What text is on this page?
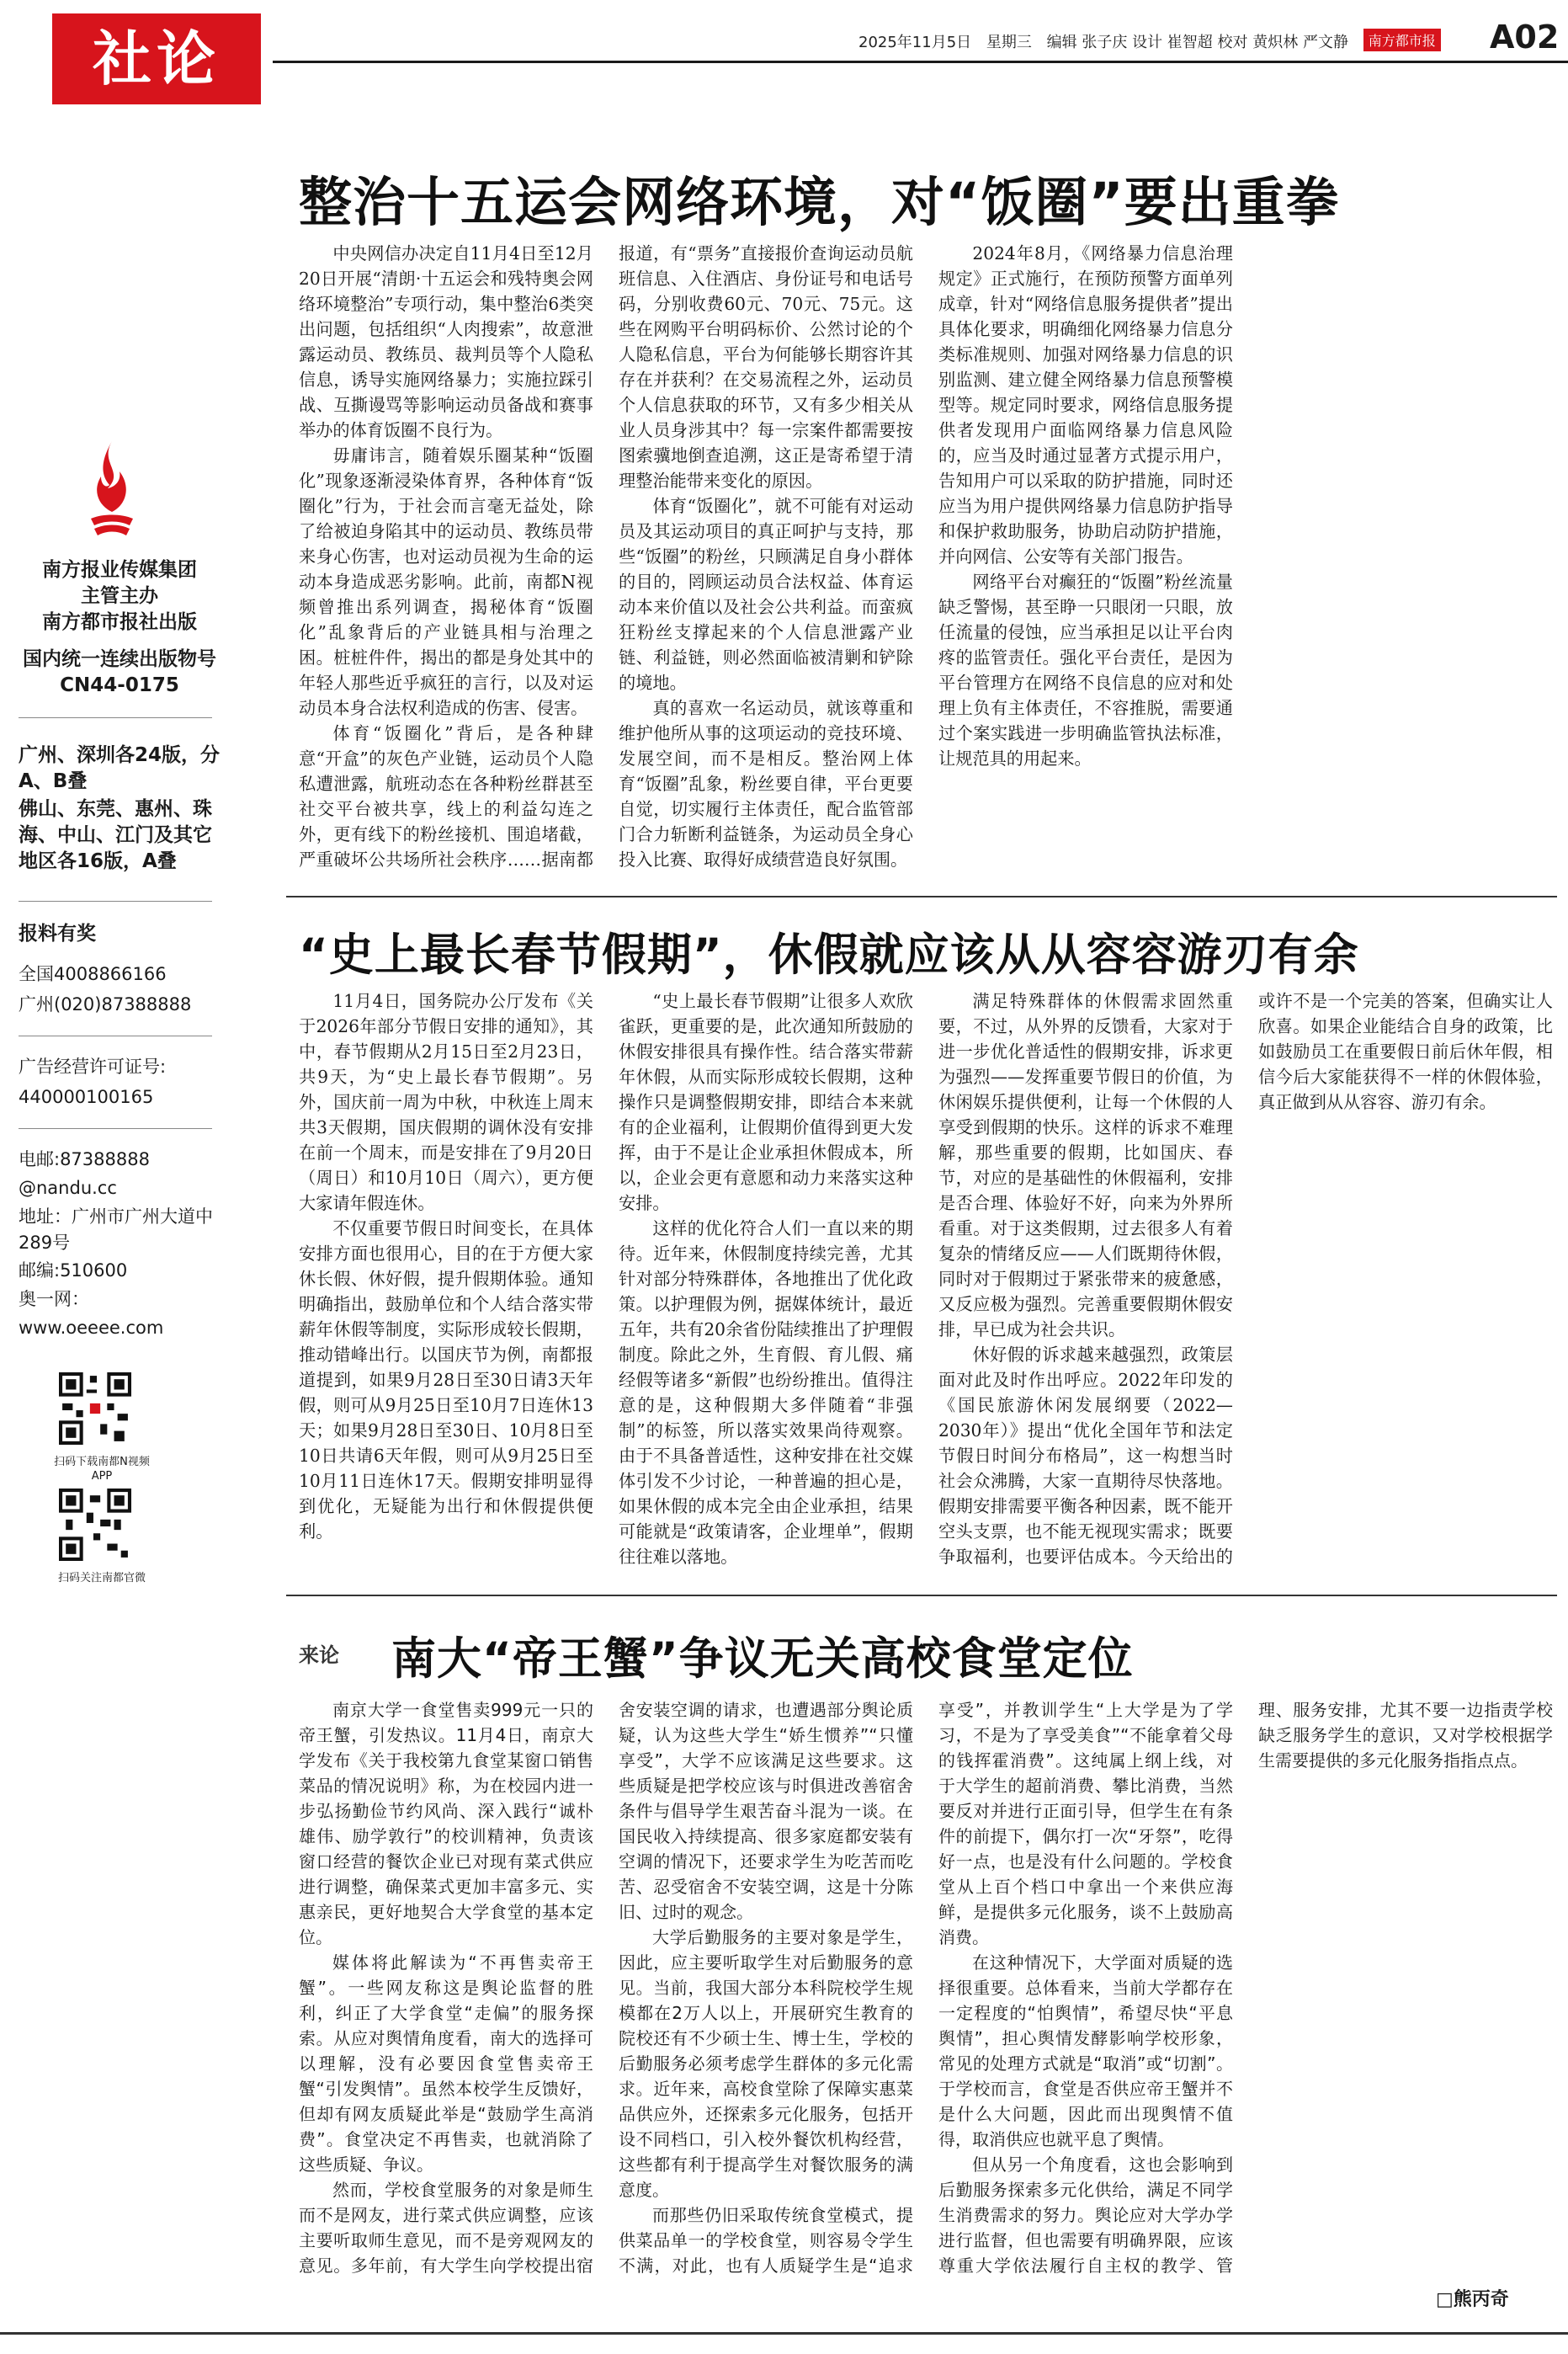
社论	2025年11月5日 星期三 编辑 张子庆 设计 崔智超 校对 黄炽林 严文静 南方都市报	A02
南方报业传媒集团
主管主办
南方都市报社出版
国内统一连续出版物号
CN44-0175
广州、深圳各24版，分A、B叠
佛山、东莞、惠州、珠海、中山、江门及其它地区各16版，A叠
报料有奖
全国4008866166
广州(020)87388888
广告经营许可证号:
440000100165
电邮:87388888
@nandu.cc
地址：广州市广州大道中289号
邮编:510600
奥一网：
www.oeeee.com
扫码下载南都N视频APP
扫码关注南都官微
整治十五运会网络环境，对“饭圈”要出重拳

中央网信办决定自11月4日至12月20日开展“清朗·十五运会和残特奥会网络环境整治”专项行动，集中整治6类突出问题，包括组织“人肉搜索”，故意泄露运动员、教练员、裁判员等个人隐私信息，诱导实施网络暴力；实施拉踩引战、互撕谩骂等影响运动员备战和赛事举办的体育饭圈不良行为。

毋庸讳言，随着娱乐圈某种“饭圈化”现象逐渐浸染体育界，各种体育“饭圈化”行为，于社会而言毫无益处，除了给被迫身陷其中的运动员、教练员带来身心伤害，也对运动员视为生命的运动本身造成恶劣影响。此前，南都N视频曾推出系列调查，揭秘体育“饭圈化”乱象背后的产业链具相与治理之困。桩桩件件，揭出的都是身处其中的年轻人那些近乎疯狂的言行，以及对运动员本身合法权利造成的伤害、侵害。

体育“饭圈化”背后，是各种肆意“开盒”的灰色产业链，运动员个人隐私遭泄露，航班动态在各种粉丝群甚至社交平台被共享，线上的利益勾连之外，更有线下的粉丝接机、围追堵截，严重破坏公共场所社会秩序……据南都报道，有“票务”直接报价查询运动员航班信息、入住酒店、身份证号和电话号码，分别收费60元、70元、75元。这些在网购平台明码标价、公然讨论的个人隐私信息，平台为何能够长期容许其存在并获利？在交易流程之外，运动员个人信息获取的环节，又有多少相关从业人员身涉其中？每一宗案件都需要按图索骥地倒查追溯，这正是寄希望于清理整治能带来变化的原因。

体育“饭圈化”，就不可能有对运动员及其运动项目的真正呵护与支持，那些“饭圈”的粉丝，只顾满足自身小群体的目的，罔顾运动员合法权益、体育运动本来价值以及社会公共利益。而蛮疯狂粉丝支撑起来的个人信息泄露产业链、利益链，则必然面临被清剿和铲除的境地。

真的喜欢一名运动员，就该尊重和维护他所从事的这项运动的竞技环境、发展空间，而不是相反。整治网上体育“饭圈”乱象，粉丝要自律，平台更要自觉，切实履行主体责任，配合监管部门合力斩断利益链条，为运动员全身心投入比赛、取得好成绩营造良好氛围。

2024年8月，《网络暴力信息治理规定》正式施行，在预防预警方面单列成章，针对“网络信息服务提供者”提出具体化要求，明确细化网络暴力信息分类标准规则、加强对网络暴力信息的识别监测、建立健全网络暴力信息预警模型等。规定同时要求，网络信息服务提供者发现用户面临网络暴力信息风险的，应当及时通过显著方式提示用户，告知用户可以采取的防护措施，同时还应当为用户提供网络暴力信息防护指导和保护救助服务，协助启动防护措施，并向网信、公安等有关部门报告。

网络平台对癫狂的“饭圈”粉丝流量缺乏警惕，甚至睁一只眼闭一只眼，放任流量的侵蚀，应当承担足以让平台肉疼的监管责任。强化平台责任，是因为平台管理方在网络不良信息的应对和处理上负有主体责任，不容推脱，需要通过个案实践进一步明确监管执法标准，让规范具的用起来。

“史上最长春节假期”，休假就应该从从容容游刃有余

11月4日，国务院办公厅发布《关于2026年部分节假日安排的通知》，其中，春节假期从2月15日至2月23日，共9天，为“史上最长春节假期”。另外，国庆前一周为中秋，中秋连上周末共3天假期，国庆假期的调休没有安排在前一个周末，而是安排在了9月20日（周日）和10月10日（周六），更方便大家请年假连休。

不仅重要节假日时间变长，在具体安排方面也很用心，目的在于方便大家休长假、休好假，提升假期体验。通知明确指出，鼓励单位和个人结合落实带薪年休假等制度，实际形成较长假期，推动错峰出行。以国庆节为例，南都报道提到，如果9月28日至30日请3天年假，则可从9月25日至10月7日连休13天；如果9月28日至30日、10月8日至10日共请6天年假，则可从9月25日至10月11日连休17天。假期安排明显得到优化，无疑能为出行和休假提供便利。

“史上最长春节假期”让很多人欢欣雀跃，更重要的是，此次通知所鼓励的休假安排很具有操作性。结合落实带薪年休假，从而实际形成较长假期，这种操作只是调整假期安排，即结合本来就有的企业福利，让假期价值得到更大发挥，由于不是让企业承担休假成本，所以，企业会更有意愿和动力来落实这种安排。

这样的优化符合人们一直以来的期待。近年来，休假制度持续完善，尤其针对部分特殊群体，各地推出了优化政策。以护理假为例，据媒体统计，最近五年，共有20余省份陆续推出了护理假制度。除此之外，生育假、育儿假、痛经假等诸多“新假”也纷纷推出。值得注意的是，这种假期大多伴随着“非强制”的标签，所以落实效果尚待观察。由于不具备普适性，这种安排在社交媒体引发不少讨论，一种普遍的担心是，如果休假的成本完全由企业承担，结果可能就是“政策请客，企业埋单”，假期往往难以落地。

满足特殊群体的休假需求固然重要，不过，从外界的反馈看，大家对于进一步优化普适性的假期安排，诉求更为强烈——发挥重要节假日的价值，为休闲娱乐提供便利，让每一个休假的人享受到假期的快乐。这样的诉求不难理解，那些重要的假期，比如国庆、春节，对应的是基础性的休假福利，安排是否合理、体验好不好，向来为外界所看重。对于这类假期，过去很多人有着复杂的情绪反应——人们既期待休假，同时对于假期过于紧张带来的疲惫感，又反应极为强烈。完善重要假期休假安排，早已成为社会共识。

休好假的诉求越来越强烈，政策层面对此及时作出呼应。2022年印发的《国民旅游休闲发展纲要（2022—2030年）》提出“优化全国年节和法定节假日时间分布格局”，这一构想当时社会众沸腾，大家一直期待尽快落地。假期安排需要平衡各种因素，既不能开空头支票，也不能无视现实需求；既要争取福利，也要评估成本。今天给出的或许不是一个完美的答案，但确实让人欣喜。如果企业能结合自身的政策，比如鼓励员工在重要假日前后休年假，相信今后大家能获得不一样的休假体验，真正做到从从容容、游刃有余。

来论 南大“帝王蟹”争议无关高校食堂定位

南京大学一食堂售卖999元一只的帝王蟹，引发热议。11月4日，南京大学发布《关于我校第九食堂某窗口销售菜品的情况说明》称，为在校园内进一步弘扬勤俭节约风尚、深入践行“诚朴雄伟、励学敦行”的校训精神，负责该窗口经营的餐饮企业已对现有菜式供应进行调整，确保菜式更加丰富多元、实惠亲民，更好地契合大学食堂的基本定位。

媒体将此解读为“不再售卖帝王蟹”。一些网友称这是舆论监督的胜利，纠正了大学食堂“走偏”的服务探索。从应对舆情角度看，南大的选择可以理解，没有必要因食堂售卖帝王蟹“引发舆情”。虽然本校学生反馈好，但却有网友质疑此举是“鼓励学生高消费”。食堂决定不再售卖，也就消除了这些质疑、争议。

然而，学校食堂服务的对象是师生而不是网友，进行菜式供应调整，应该主要听取师生意见，而不是旁观网友的意见。多年前，有大学生向学校提出宿舍安装空调的请求，也遭遇部分舆论质疑，认为这些大学生“娇生惯养”“只懂享受”，大学不应该满足这些要求。这些质疑是把学校应该与时俱进改善宿舍条件与倡导学生艰苦奋斗混为一谈。在国民收入持续提高、很多家庭都安装有空调的情况下，还要求学生为吃苦而吃苦、忍受宿舍不安装空调，这是十分陈旧、过时的观念。

大学后勤服务的主要对象是学生，因此，应主要听取学生对后勤服务的意见。当前，我国大部分本科院校学生规模都在2万人以上，开展研究生教育的院校还有不少硕士生、博士生，学校的后勤服务必须考虑学生群体的多元化需求。近年来，高校食堂除了保障实惠菜品供应外，还探索多元化服务，包括开设不同档口，引入校外餐饮机构经营，这些都有利于提高学生对餐饮服务的满意度。

而那些仍旧采取传统食堂模式，提供菜品单一的学校食堂，则容易令学生不满，对此，也有人质疑学生是“追求享受”，并教训学生“上大学是为了学习，不是为了享受美食”“不能拿着父母的钱挥霍消费”。这纯属上纲上线，对于大学生的超前消费、攀比消费，当然要反对并进行正面引导，但学生在有条件的前提下，偶尔打一次“牙祭”，吃得好一点，也是没有什么问题的。学校食堂从上百个档口中拿出一个来供应海鲜，是提供多元化服务，谈不上鼓励高消费。

在这种情况下，大学面对质疑的选择很重要。总体看来，当前大学都存在一定程度的“怕舆情”，希望尽快“平息舆情”，担心舆情发酵影响学校形象，常见的处理方式就是“取消”或“切割”。于学校而言，食堂是否供应帝王蟹并不是什么大问题，因此而出现舆情不值得，取消供应也就平息了舆情。

但从另一个角度看，这也会影响到后勤服务探索多元化供给，满足不同学生消费需求的努力。舆论应对大学办学进行监督，但也需要有明确界限，应该尊重大学依法履行自主权的教学、管理、服务安排，尤其不要一边指责学校缺乏服务学生的意识，又对学校根据学生需要提供的多元化服务指指点点。

□熊丙奇
